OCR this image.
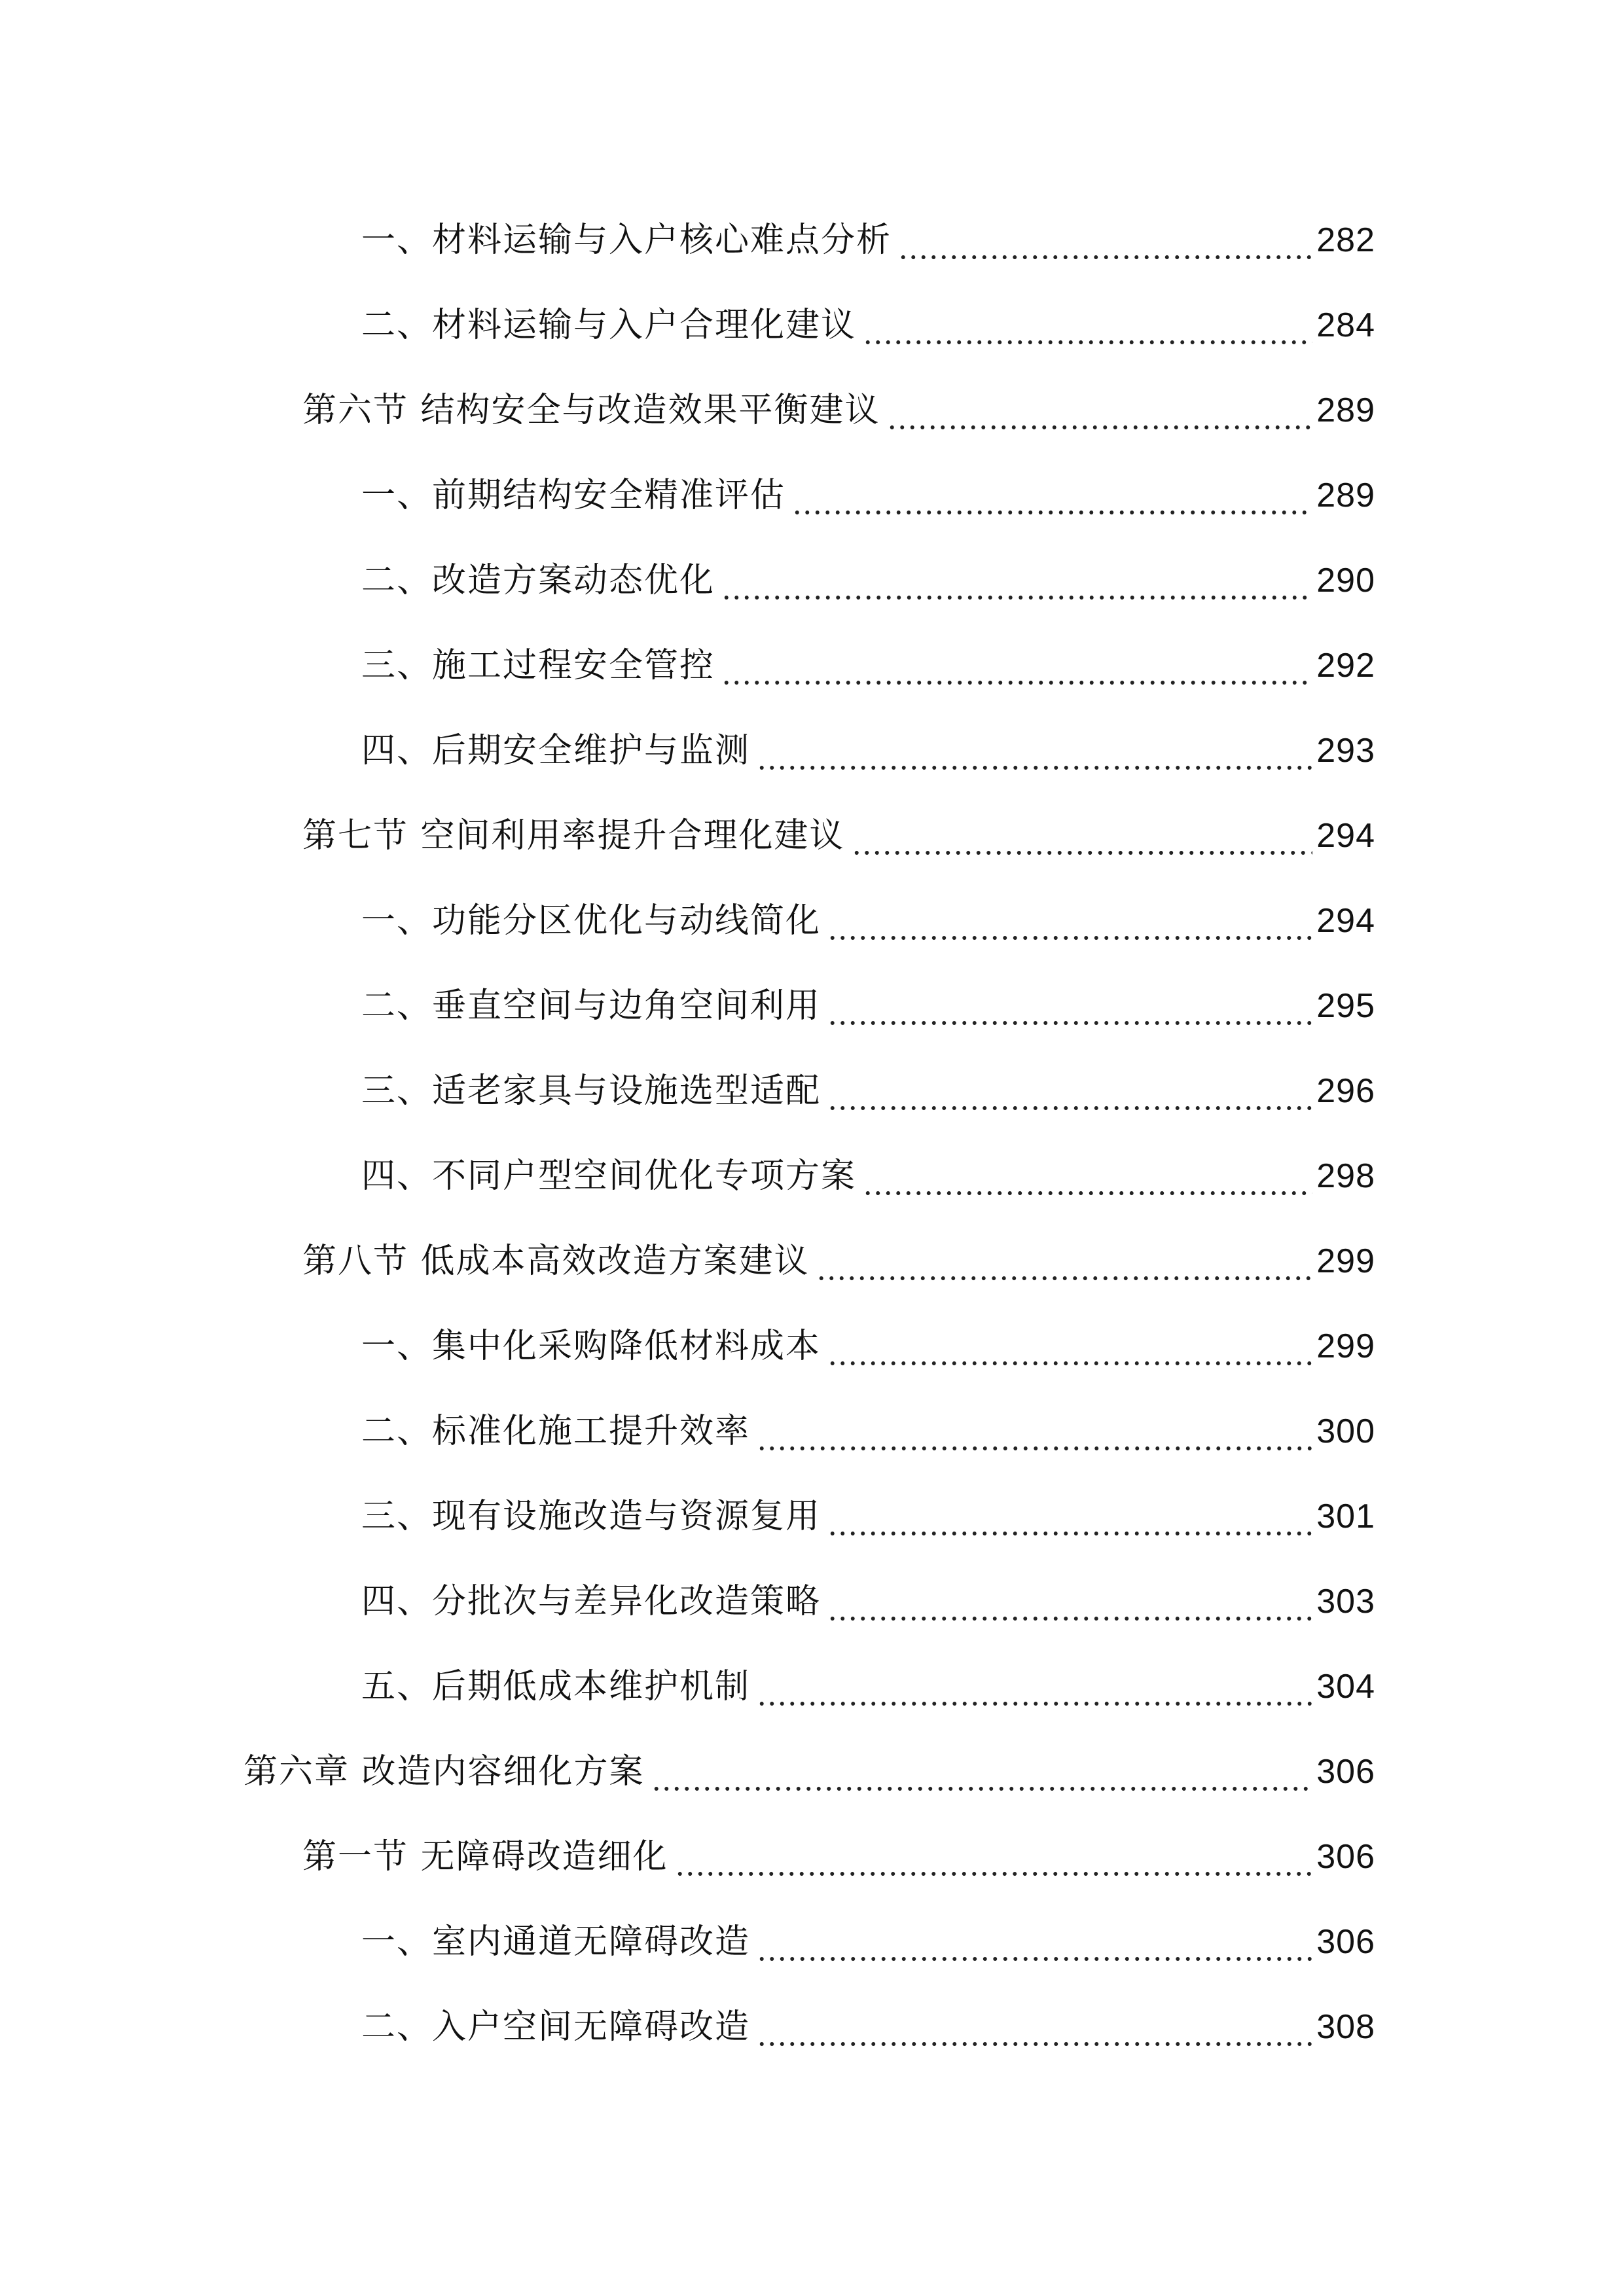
一、材料运输与入户核心难点分析	282
二、材料运输与入户合理化建议	284
第六节 结构安全与改造效果平衡建议	289
一、前期结构安全精准评估	289
二、改造方案动态优化	290
三、施工过程安全管控	292
四、后期安全维护与监测	293
第七节 空间利用率提升合理化建议	294
一、功能分区优化与动线简化	294
二、垂直空间与边角空间利用	295
三、适老家具与设施选型适配	296
四、不同户型空间优化专项方案	298
第八节 低成本高效改造方案建议	299
一、集中化采购降低材料成本	299
二、标准化施工提升效率	300
三、现有设施改造与资源复用	301
四、分批次与差异化改造策略	303
五、后期低成本维护机制	304
第六章 改造内容细化方案	306
第一节 无障碍改造细化	306
一、室内通道无障碍改造	306
二、入户空间无障碍改造	308
